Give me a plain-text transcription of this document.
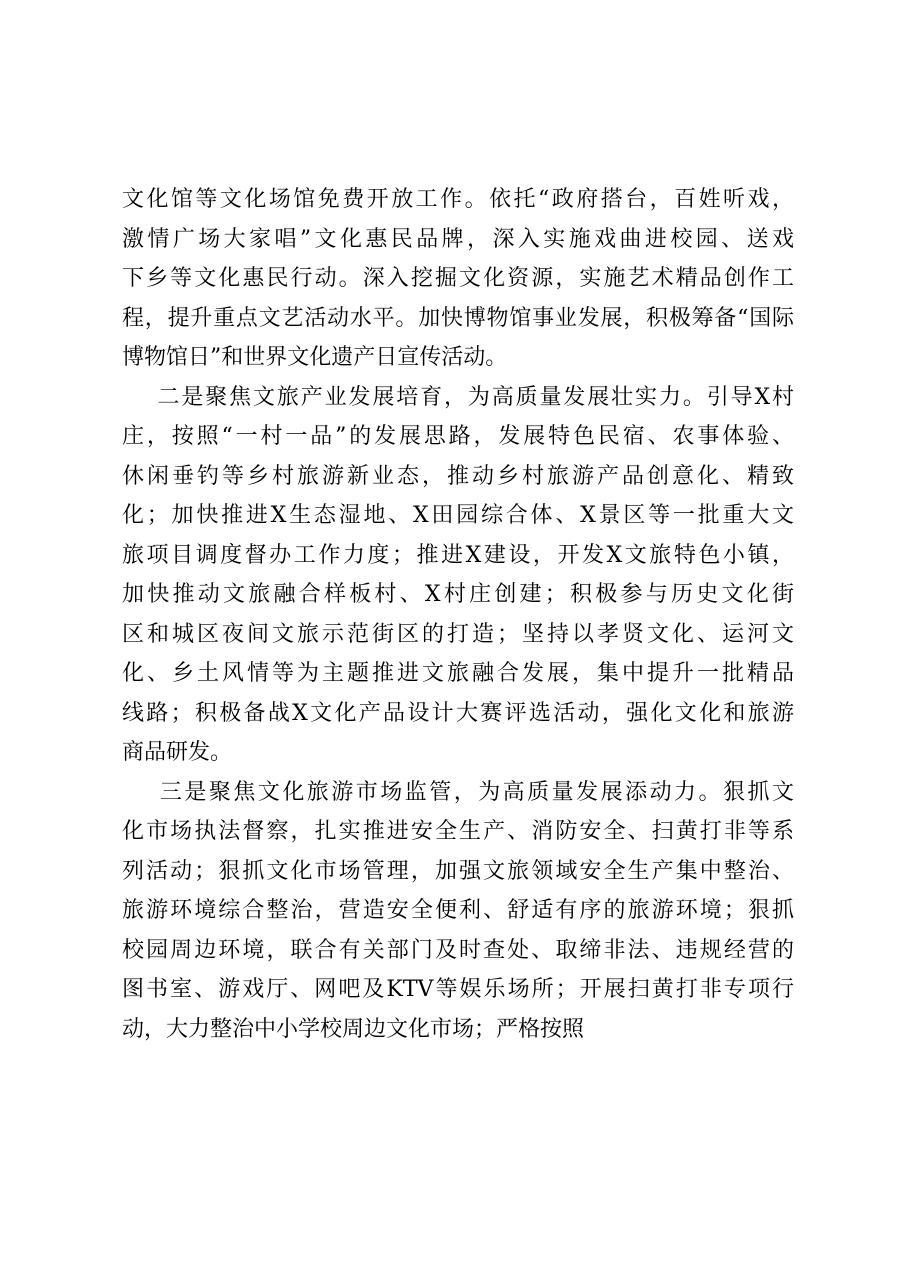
文化馆等文化场馆免费开放工作。依托“政府搭台，百姓听戏，
激情广场大家唱”文化惠民品牌，深入实施戏曲进校园、送戏
下乡等文化惠民行动。深入挖掘文化资源，实施艺术精品创作工
程，提升重点文艺活动水平。加快博物馆事业发展，积极筹备“国际
博物馆日”和世界文化遗产日宣传活动。
二是聚焦文旅产业发展培育，为高质量发展壮实力。引导X村
庄，按照“一村一品”的发展思路，发展特色民宿、农事体验、
休闲垂钓等乡村旅游新业态，推动乡村旅游产品创意化、精致
化；加快推进X生态湿地、X田园综合体、X景区等一批重大文
旅项目调度督办工作力度；推进X建设，开发X文旅特色小镇，
加快推动文旅融合样板村、X村庄创建；积极参与历史文化街
区和城区夜间文旅示范街区的打造；坚持以孝贤文化、运河文
化、乡土风情等为主题推进文旅融合发展，集中提升一批精品
线路；积极备战X文化产品设计大赛评选活动，强化文化和旅游
商品研发。
三是聚焦文化旅游市场监管，为高质量发展添动力。狠抓文
化市场执法督察，扎实推进安全生产、消防安全、扫黄打非等系
列活动；狠抓文化市场管理，加强文旅领域安全生产集中整治、
旅游环境综合整治，营造安全便利、舒适有序的旅游环境；狠抓
校园周边环境，联合有关部门及时查处、取缔非法、违规经营的
图书室、游戏厅、网吧及KTV等娱乐场所；开展扫黄打非专项行
动，大力整治中小学校周边文化市场；严格按照
